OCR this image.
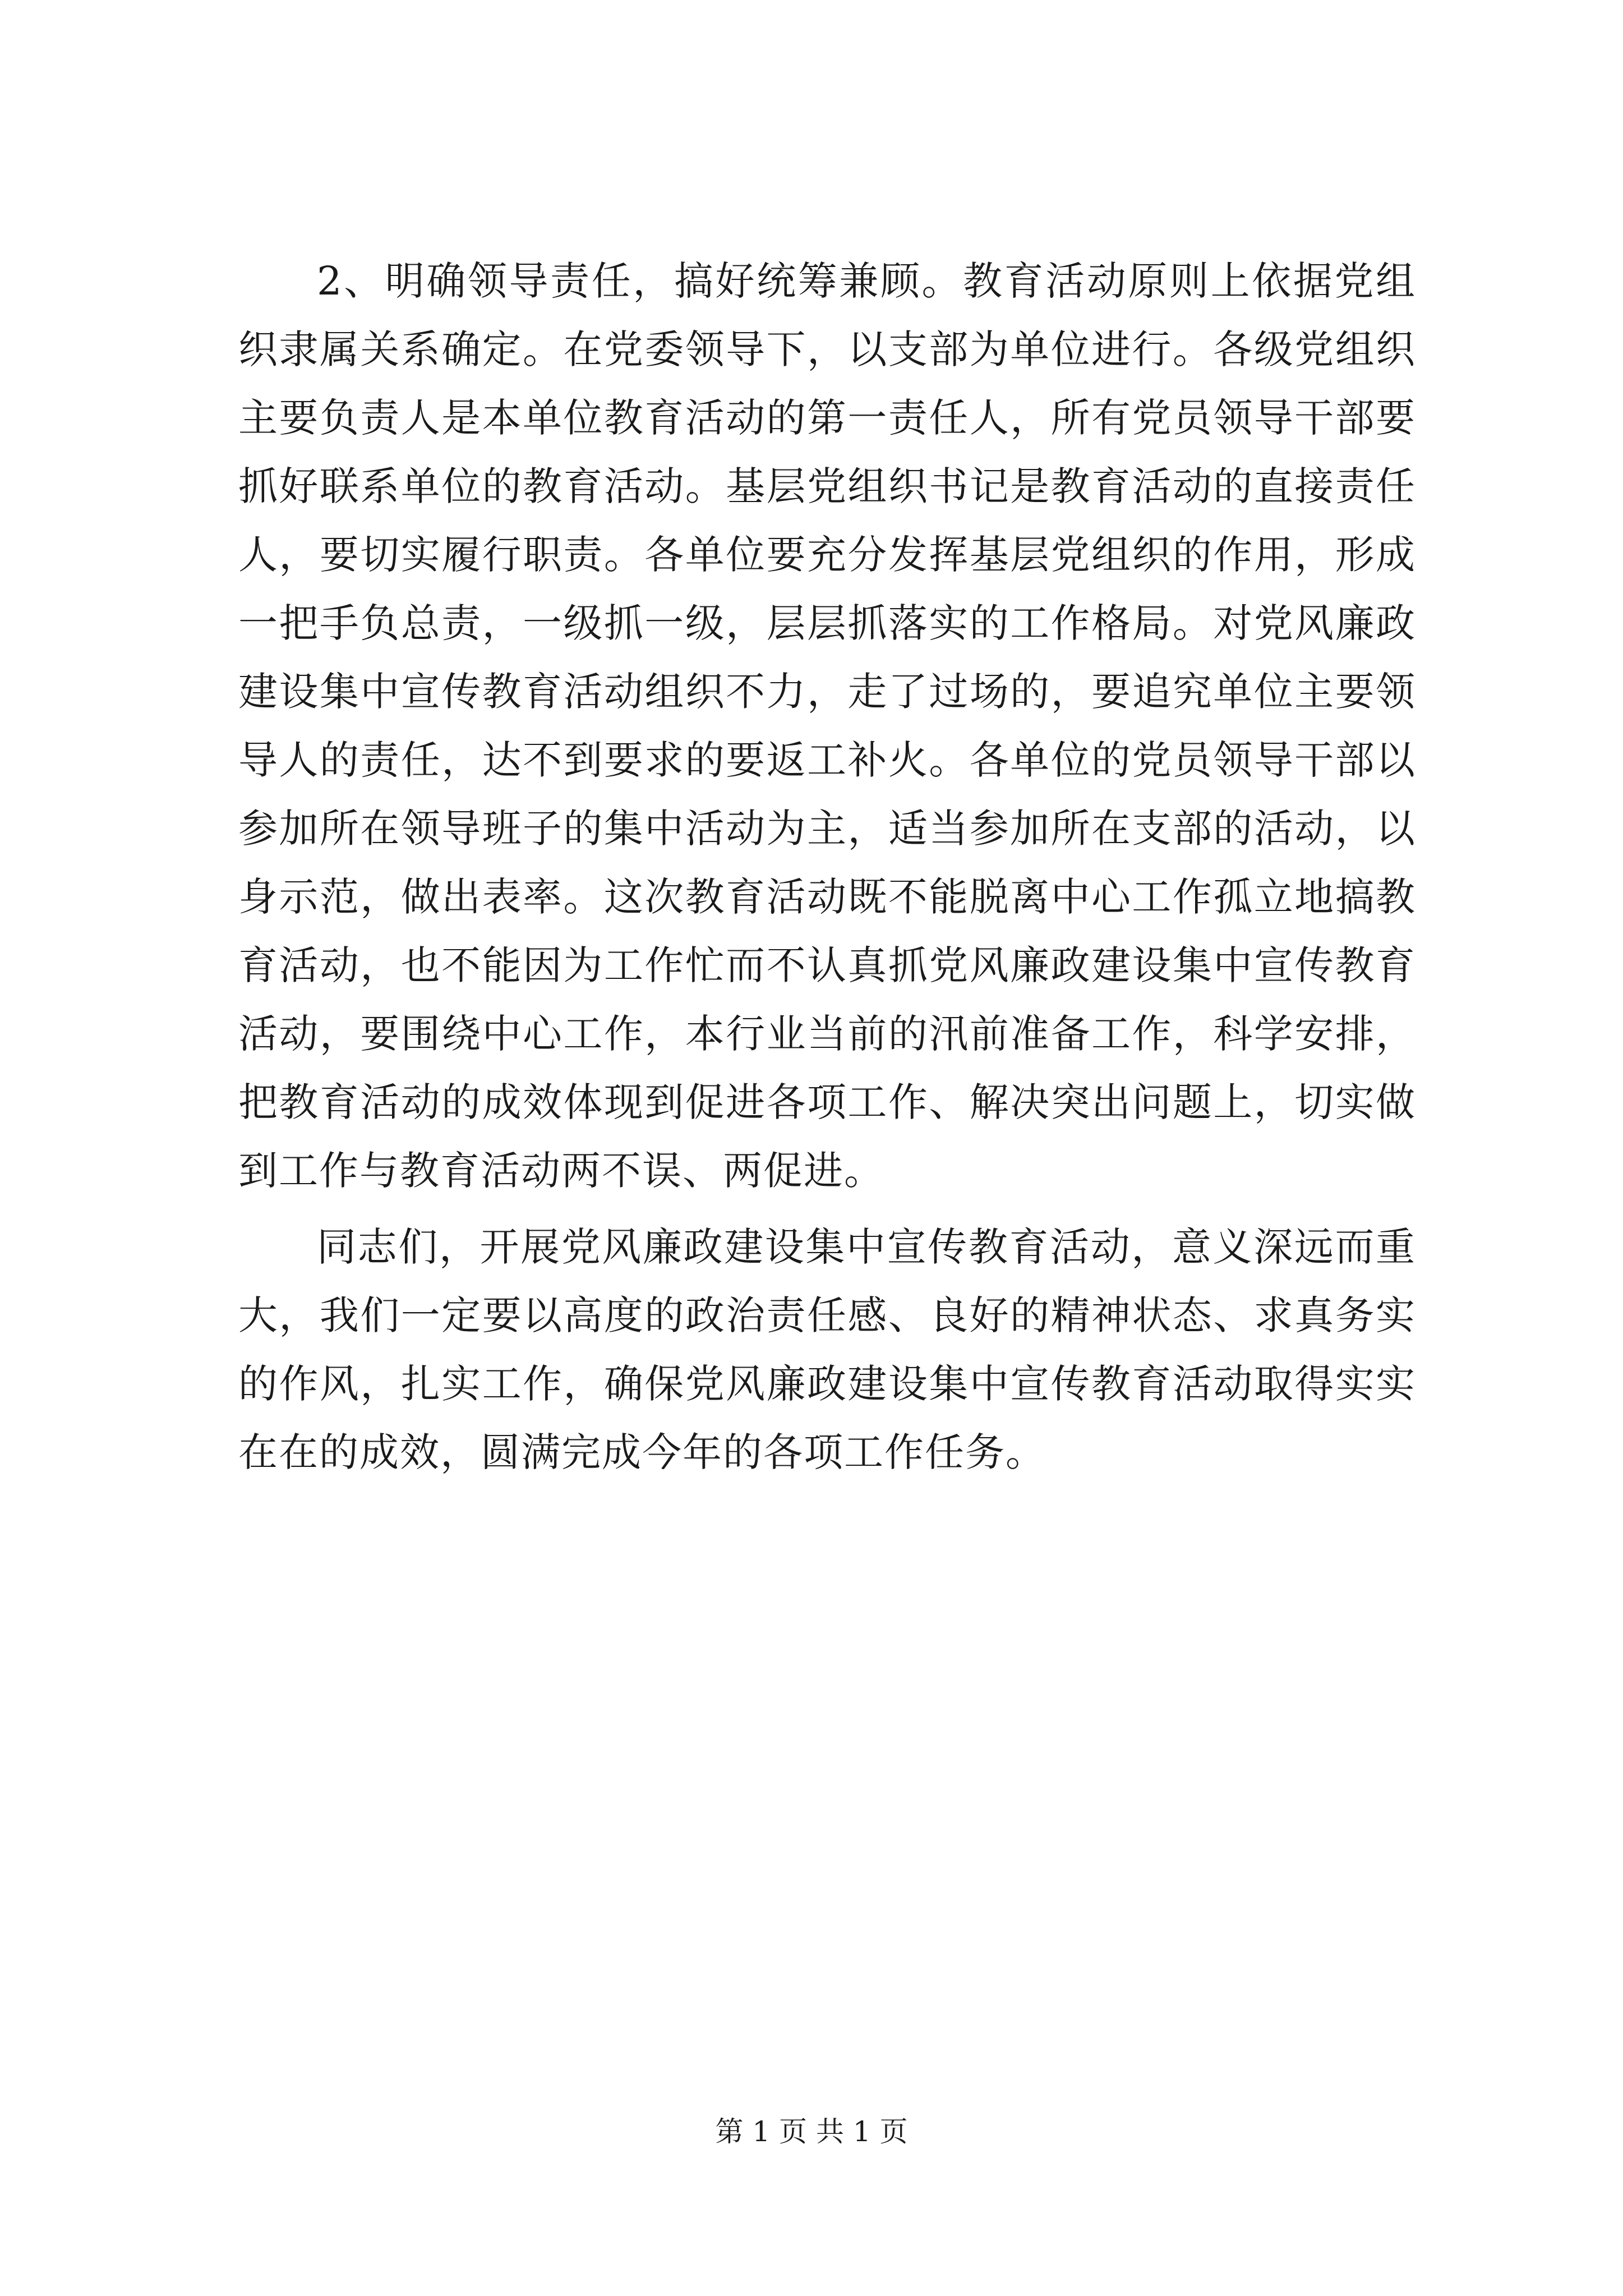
2、明确领导责任，搞好统筹兼顾。教育活动原则上依据党组织隶属关系确定。在党委领导下，以支部为单位进行。各级党组织主要负责人是本单位教育活动的第一责任人，所有党员领导干部要抓好联系单位的教育活动。基层党组织书记是教育活动的直接责任人，要切实履行职责。各单位要充分发挥基层党组织的作用，形成一把手负总责，一级抓一级，层层抓落实的工作格局。对党风廉政建设集中宣传教育活动组织不力，走了过场的，要追究单位主要领导人的责任，达不到要求的要返工补火。各单位的党员领导干部以参加所在领导班子的集中活动为主，适当参加所在支部的活动，以身示范，做出表率。这次教育活动既不能脱离中心工作孤立地搞教育活动，也不能因为工作忙而不认真抓党风廉政建设集中宣传教育活动，要围绕中心工作，本行业当前的汛前准备工作，科学安排，把教育活动的成效体现到促进各项工作、解决突出问题上，切实做到工作与教育活动两不误、两促进。

同志们，开展党风廉政建设集中宣传教育活动，意义深远而重大，我们一定要以高度的政治责任感、良好的精神状态、求真务实的作风，扎实工作，确保党风廉政建设集中宣传教育活动取得实实在在的成效，圆满完成今年的各项工作任务。

第 1 页 共 1 页
